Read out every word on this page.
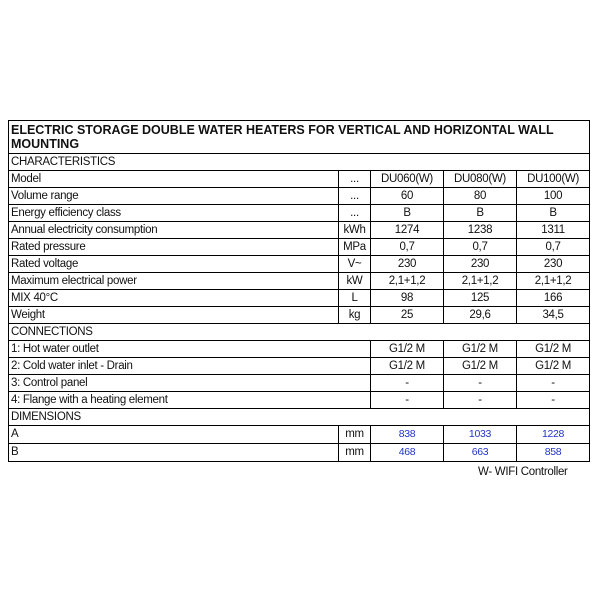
ELECTRIC STORAGE DOUBLE WATER HEATERS FOR VERTICAL AND HORIZONTAL WALL MOUNTING				
CHARACTERISTICS				
Model	...	DU060(W)	DU080(W)	DU100(W)
Volume range	...	60	80	100
Energy efficiency class	...	B	B	B
Annual electricity consumption	kWh	1274	1238	1311
Rated pressure	MPa	0,7	0,7	0,7
Rated voltage	V~	230	230	230
Maximum electrical power	kW	2,1+1,2	2,1+1,2	2,1+1,2
MIX 40°C	L	98	125	166
Weight	kg	25	29,6	34,5
CONNECTIONS				
1: Hot water outlet		G1/2 M	G1/2 M	G1/2 M
2: Cold water inlet - Drain		G1/2 M	G1/2 M	G1/2 M
3: Control panel		-	-	-
4: Flange with a heating element		-	-	-
DIMENSIONS				
A	mm	838	1033	1228
B	mm	468	663	858
W- WIFI Controller
